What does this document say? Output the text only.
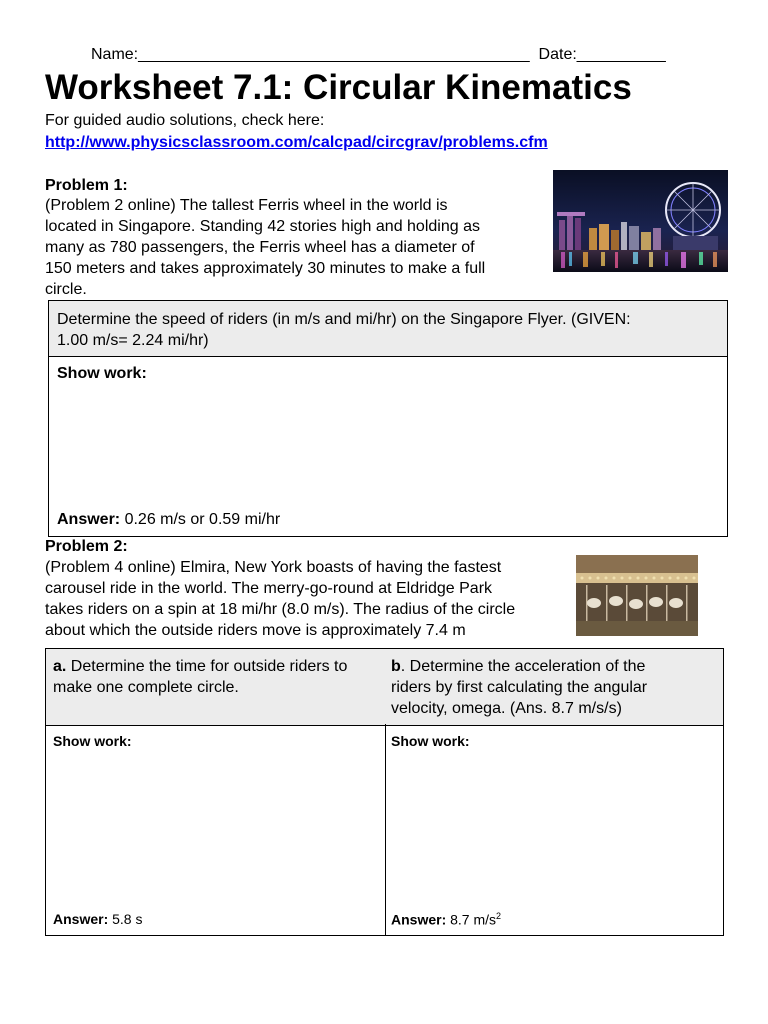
Name:____________________________________________ Date:__________
Worksheet 7.1: Circular Kinematics
For guided audio solutions, check here:
http://www.physicsclassroom.com/calcpad/circgrav/problems.cfm
Problem 1:
(Problem 2 online) The tallest Ferris wheel in the world is
located in Singapore. Standing 42 stories high and holding as
many as 780 passengers, the Ferris wheel has a diameter of
150 meters and takes approximately 30 minutes to make a full
circle.
Determine the speed of riders (in m/s and mi/hr) on the Singapore Flyer. (GIVEN:
1.00 m/s= 2.24 mi/hr)
Show work:
Answer: 0.26 m/s or 0.59 mi/hr
Problem 2:
(Problem 4 online) Elmira, New York boasts of having the fastest
carousel ride in the world. The merry-go-round at Eldridge Park
takes riders on a spin at 18 mi/hr (8.0 m/s). The radius of the circle
about which the outside riders move is approximately 7.4 m
a. Determine the time for outside riders to
make one complete circle.
b. Determine the acceleration of the
riders by first calculating the angular
velocity, omega. (Ans. 8.7 m/s/s)
Show work:
Answer: 5.8 s
Show work:
Answer: 8.7 $m/s^2$
